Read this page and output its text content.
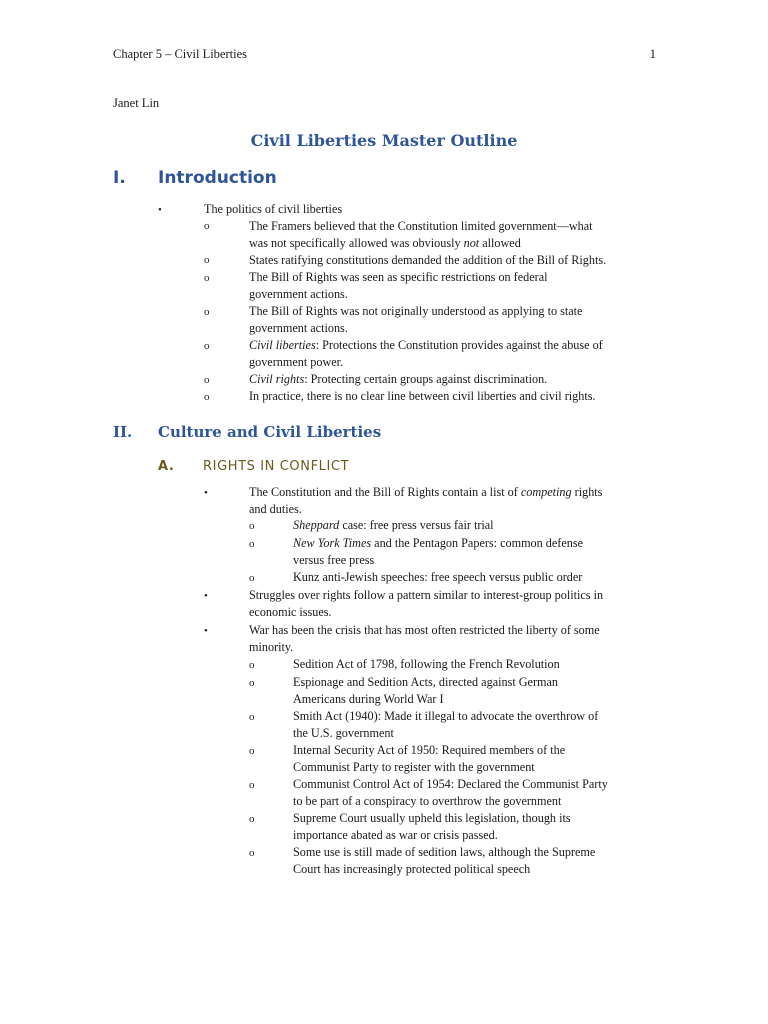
Chapter 5 – Civil Liberties	1
Janet Lin
Civil Liberties Master Outline
I.	Introduction
•	The politics of civil liberties
o	The Framers believed that the Constitution limited government—what
was not specifically allowed was obviously not allowed
o	States ratifying constitutions demanded the addition of the Bill of Rights.
o	The Bill of Rights was seen as specific restrictions on federal
government actions.
o	The Bill of Rights was not originally understood as applying to state
government actions.
o	Civil liberties: Protections the Constitution provides against the abuse of
government power.
o	Civil rights: Protecting certain groups against discrimination.
o	In practice, there is no clear line between civil liberties and civil rights.
II.	Culture and Civil Liberties
A.	RIGHTS IN CONFLICT
•	The Constitution and the Bill of Rights contain a list of competing rights
and duties.
o	Sheppard case: free press versus fair trial
o	New York Times and the Pentagon Papers: common defense
versus free press
o	Kunz anti-Jewish speeches: free speech versus public order
•	Struggles over rights follow a pattern similar to interest-group politics in
economic issues.
•	War has been the crisis that has most often restricted the liberty of some
minority.
o	Sedition Act of 1798, following the French Revolution
o	Espionage and Sedition Acts, directed against German
Americans during World War I
o	Smith Act (1940): Made it illegal to advocate the overthrow of
the U.S. government
o	Internal Security Act of 1950: Required members of the
Communist Party to register with the government
o	Communist Control Act of 1954: Declared the Communist Party
to be part of a conspiracy to overthrow the government
o	Supreme Court usually upheld this legislation, though its
importance abated as war or crisis passed.
o	Some use is still made of sedition laws, although the Supreme
Court has increasingly protected political speech
